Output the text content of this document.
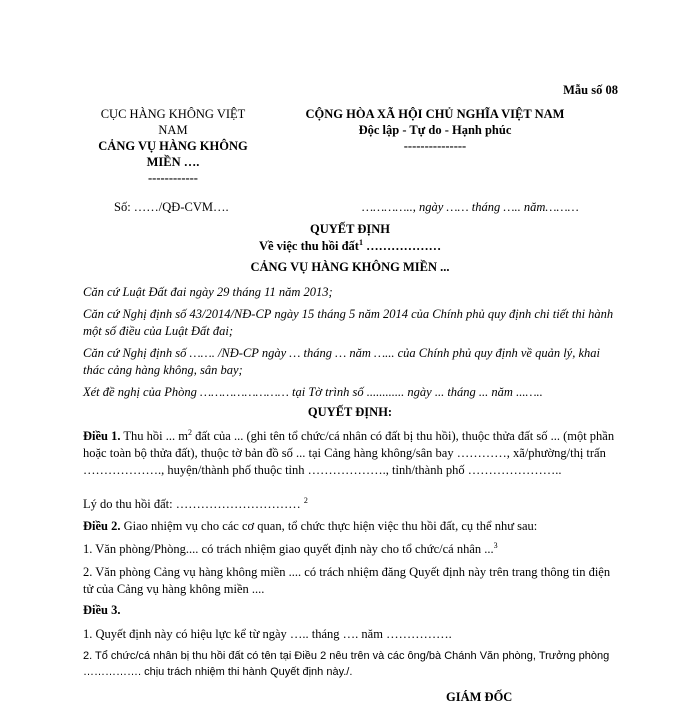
Mẫu số 08
CỤC HÀNG KHÔNG VIỆT
NAM
CẢNG VỤ HÀNG KHÔNG
MIỀN ….
------------
CỘNG HÒA XÃ HỘI CHỦ NGHĨA VIỆT NAM
Độc lập - Tự do - Hạnh phúc
---------------
Số: ……/QĐ-CVM….	………….., ngày …… tháng ….. năm………
QUYẾT ĐỊNH
Về việc thu hồi đất$^1$ ………………
CẢNG VỤ HÀNG KHÔNG MIỀN ...
Căn cứ Luật Đất đai ngày 29 tháng 11 năm 2013;
Căn cứ Nghị định số 43/2014/NĐ-CP ngày 15 tháng 5 năm 2014 của Chính phủ quy định chi tiết thi hành một số điều của Luật Đất đai;
Căn cứ Nghị định số ……. /NĐ-CP ngày … tháng … năm …... của Chính phủ quy định về quản lý, khai thác cảng hàng không, sân bay;
Xét đề nghị của Phòng …………………… tại Tờ trình số ............ ngày ... tháng ... năm ...…..
QUYẾT ĐỊNH:
Điều 1. Thu hồi ... $m^2$ đất của ... (ghi tên tổ chức/cá nhân có đất bị thu hồi), thuộc thửa đất số ... (một phần hoặc toàn bộ thửa đất), thuộc tờ bản đồ số ... tại Cảng hàng không/sân bay …………, xã/phường/thị trấn ………………., huyện/thành phố thuộc tỉnh ………………., tỉnh/thành phố …………………..
Lý do thu hồi đất: ………………………… $^2$
Điều 2. Giao nhiệm vụ cho các cơ quan, tổ chức thực hiện việc thu hồi đất, cụ thể như sau:
1. Văn phòng/Phòng.... có trách nhiệm giao quyết định này cho tổ chức/cá nhân ...$^3$
2. Văn phòng Cảng vụ hàng không miền .... có trách nhiệm đăng Quyết định này trên trang thông tin điện tử của Cảng vụ hàng không miền ....
Điều 3.
1. Quyết định này có hiệu lực kể từ ngày ….. tháng …. năm …………….
2. Tổ chức/cá nhân bị thu hồi đất có tên tại Điều 2 nêu trên và các ông/bà Chánh Văn phòng, Trưởng phòng ……………. chịu trách nhiệm thi hành Quyết định này./.
GIÁM ĐỐC
